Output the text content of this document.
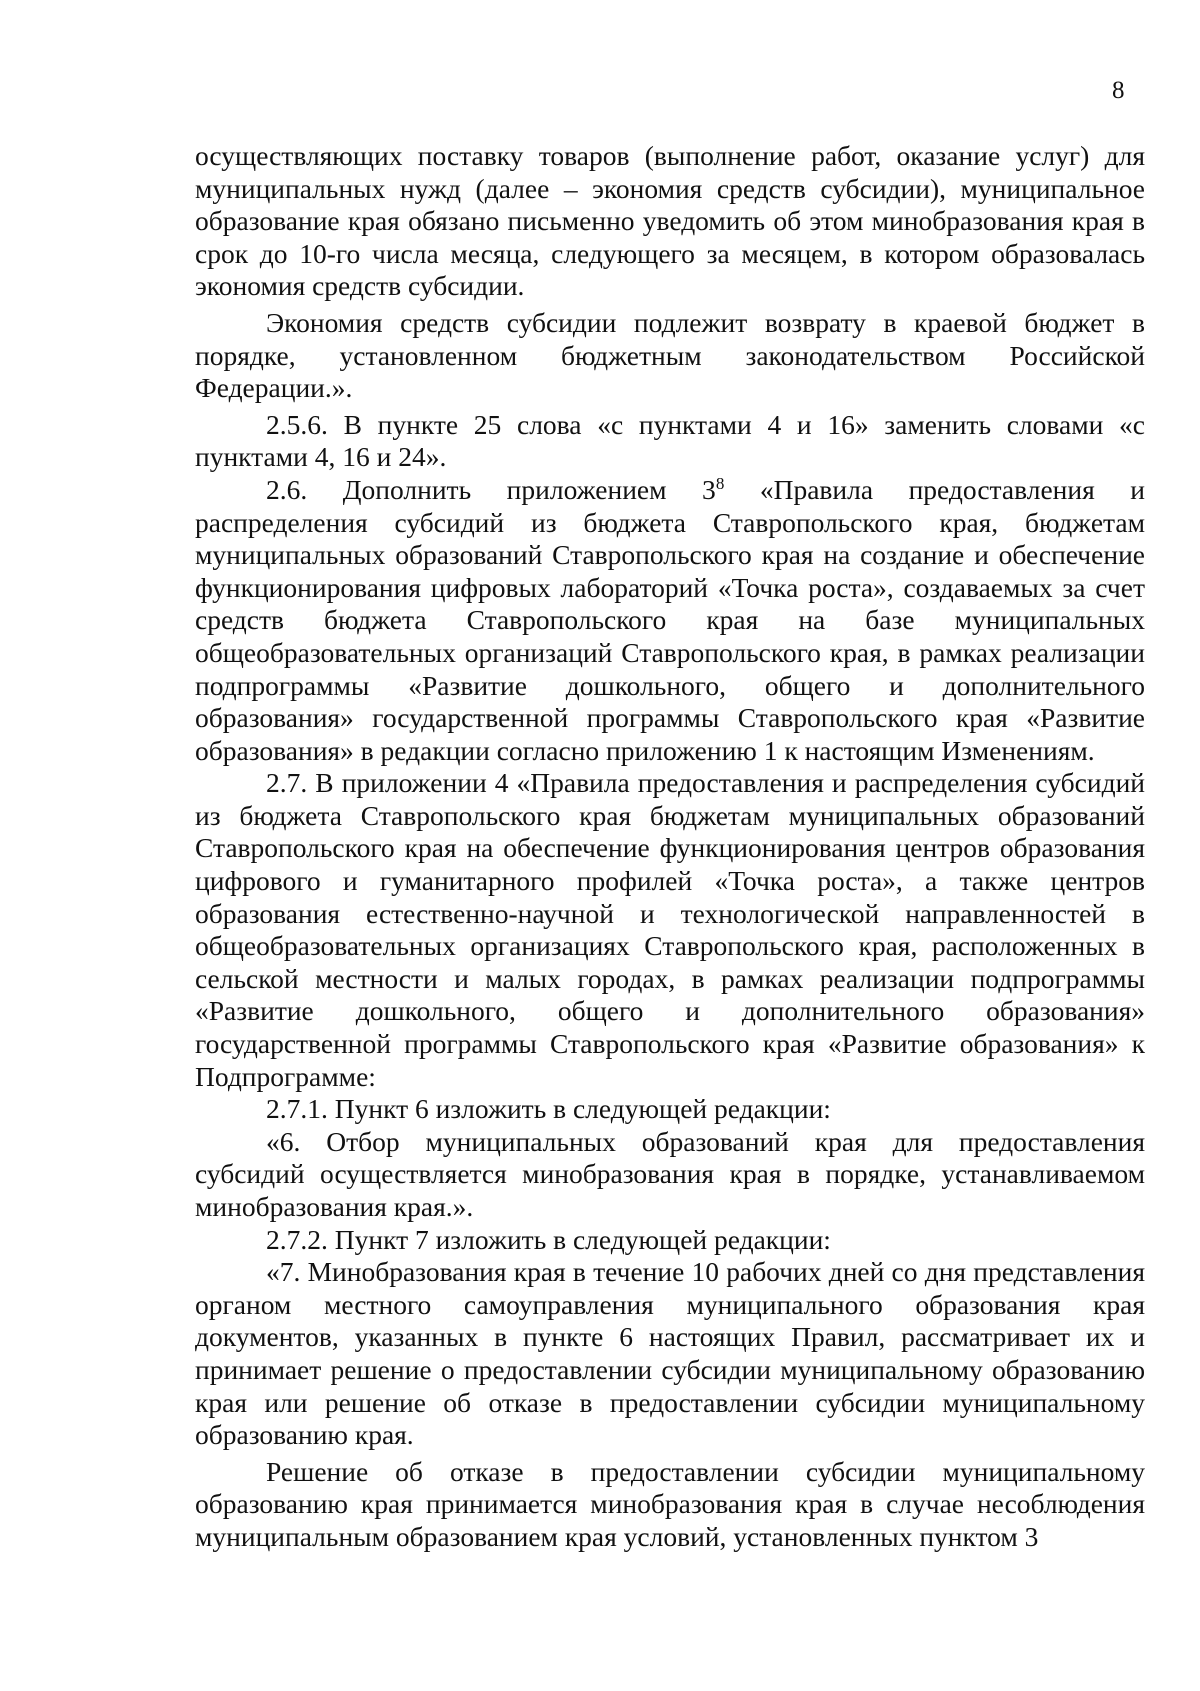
8

осуществляющих поставку товаров (выполнение работ, оказание услуг) для муниципальных нужд (далее – экономия средств субсидии), муниципальное образование края обязано письменно уведомить об этом минобразования края в срок до 10-го числа месяца, следующего за месяцем, в котором образовалась экономия средств субсидии.

Экономия средств субсидии подлежит возврату в краевой бюджет в порядке, установленном бюджетным законодательством Российской Федерации.».

2.5.6. В пункте 25 слова «с пунктами 4 и 16» заменить словами «с пунктами 4, 16 и 24».

2.6. Дополнить приложением $3^8$ «Правила предоставления и распределения субсидий из бюджета Ставропольского края, бюджетам муниципальных образований Ставропольского края на создание и обеспечение функционирования цифровых лабораторий «Точка роста», создаваемых за счет средств бюджета Ставропольского края на базе муниципальных общеобразовательных организаций Ставропольского края, в рамках реализации подпрограммы «Развитие дошкольного, общего и дополнительного образования» государственной программы Ставропольского края «Развитие образования» в редакции согласно приложению 1 к настоящим Изменениям.

2.7. В приложении 4 «Правила предоставления и распределения субсидий из бюджета Ставропольского края бюджетам муниципальных образований Ставропольского края на обеспечение функционирования центров образования цифрового и гуманитарного профилей «Точка роста», а также центров образования естественно-научной и технологической направленностей в общеобразовательных организациях Ставропольского края, расположенных в сельской местности и малых городах, в рамках реализации подпрограммы «Развитие дошкольного, общего и дополнительного образования» государственной программы Ставропольского края «Развитие образования» к Подпрограмме:

2.7.1. Пункт 6 изложить в следующей редакции:

«6. Отбор муниципальных образований края для предоставления субсидий осуществляется минобразования края в порядке, устанавливаемом минобразования края.».

2.7.2. Пункт 7 изложить в следующей редакции:

«7. Минобразования края в течение 10 рабочих дней со дня представления органом местного самоуправления муниципального образования края документов, указанных в пункте 6 настоящих Правил, рассматривает их и принимает решение о предоставлении субсидии муниципальному образованию края или решение об отказе в предоставлении субсидии муниципальному образованию края.

Решение об отказе в предоставлении субсидии муниципальному образованию края принимается минобразования края в случае несоблюдения муниципальным образованием края условий, установленных пунктом 3
